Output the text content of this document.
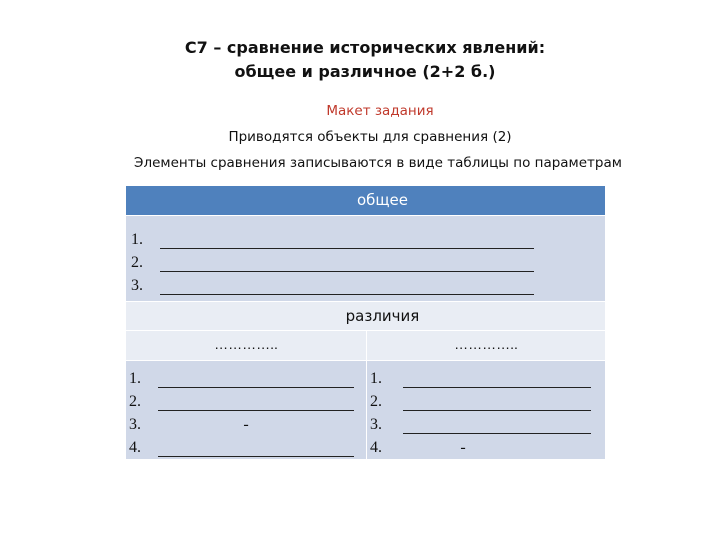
С7 – сравнение исторических явлений:
общее и различное (2+2 б.)
Макет задания
Приводятся объекты для сравнения (2)
Элементы сравнения записываются в виде таблицы по параметрам
общее
1.
2.
3.
различия
…………..
1.
2.
3.	-
4.
…………..
1.
2.
3.
4.	-
